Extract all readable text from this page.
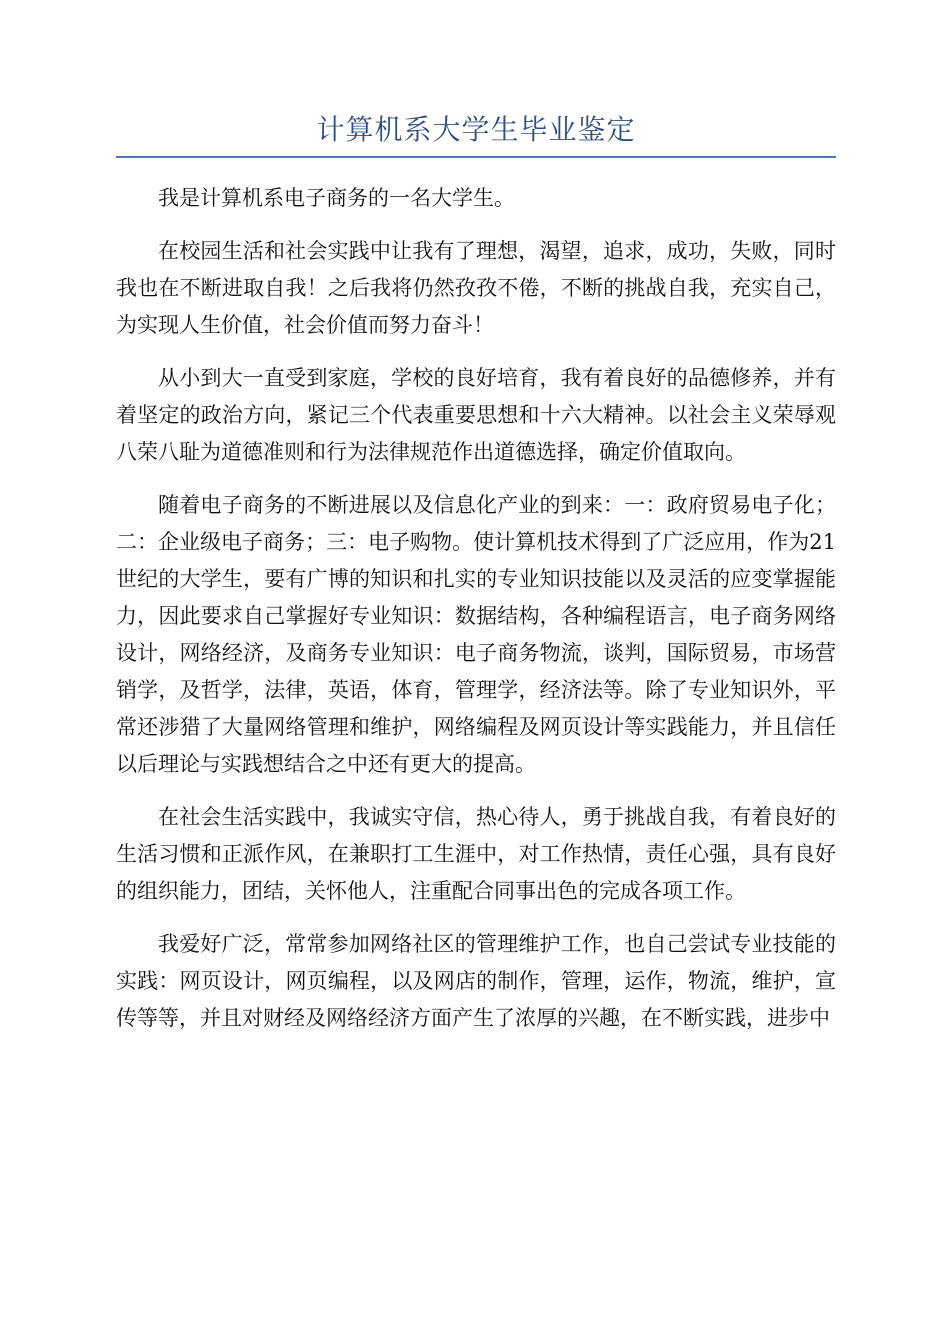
计算机系大学生毕业鉴定

我是计算机系电子商务的一名大学生。

在校园生活和社会实践中让我有了理想，渴望，追求，成功，失败，同时我也在不断进取自我！之后我将仍然孜孜不倦，不断的挑战自我，充实自己，为实现人生价值，社会价值而努力奋斗！

从小到大一直受到家庭，学校的良好培育，我有着良好的品德修养，并有着坚定的政治方向，紧记三个代表重要思想和十六大精神。以社会主义荣辱观八荣八耻为道德准则和行为法律规范作出道德选择，确定价值取向。

随着电子商务的不断进展以及信息化产业的到来：一：政府贸易电子化；二：企业级电子商务；三：电子购物。使计算机技术得到了广泛应用，作为21世纪的大学生，要有广博的知识和扎实的专业知识技能以及灵活的应变掌握能力，因此要求自己掌握好专业知识：数据结构，各种编程语言，电子商务网络设计，网络经济，及商务专业知识：电子商务物流，谈判，国际贸易，市场营销学，及哲学，法律，英语，体育，管理学，经济法等。除了专业知识外，平常还涉猎了大量网络管理和维护，网络编程及网页设计等实践能力，并且信任以后理论与实践想结合之中还有更大的提高。

在社会生活实践中，我诚实守信，热心待人，勇于挑战自我，有着良好的生活习惯和正派作风，在兼职打工生涯中，对工作热情，责任心强，具有良好的组织能力，团结，关怀他人，注重配合同事出色的完成各项工作。

我爱好广泛，常常参加网络社区的管理维护工作，也自己尝试专业技能的实践：网页设计，网页编程，以及网店的制作，管理，运作，物流，维护，宣传等等，并且对财经及网络经济方面产生了浓厚的兴趣，在不断实践，进步中
